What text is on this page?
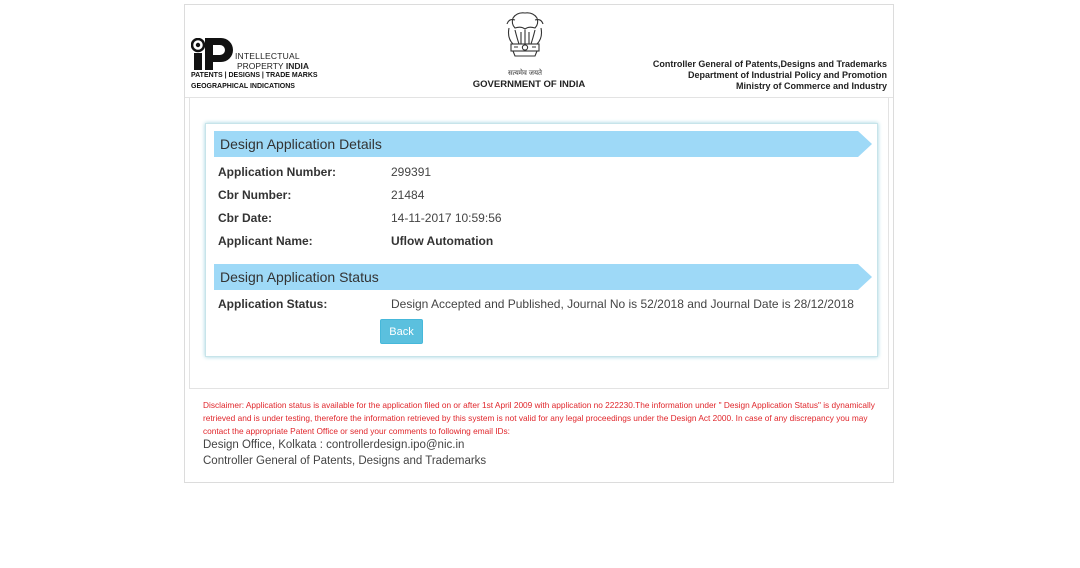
INTELLECTUAL
PROPERTY INDIA
PATENTS | DESIGNS | TRADE MARKS
GEOGRAPHICAL INDICATIONS
सत्यमेव जयते
GOVERNMENT OF INDIA
Controller General of Patents,Designs and Trademarks
Department of Industrial Policy and Promotion
Ministry of Commerce and Industry
Design Application Details
Application Number:	299391
Cbr Number:	21484
Cbr Date:	14-11-2017 10:59:56
Applicant Name:	Uflow Automation
Design Application Status
Application Status:	Design Accepted and Published, Journal No is 52/2018 and Journal Date is 28/12/2018
Back
Disclaimer: Application status is available for the application filed on or after 1st April 2009 with application no 222230.The information under " Design Application Status" is dynamically retrieved and is under testing, therefore the information retrieved by this system is not valid for any legal proceedings under the Design Act 2000. In case of any discrepancy you may contact the appropriate Patent Office or send your comments to following email IDs:
Design Office, Kolkata : controllerdesign.ipo@nic.in
Controller General of Patents, Designs and Trademarks
